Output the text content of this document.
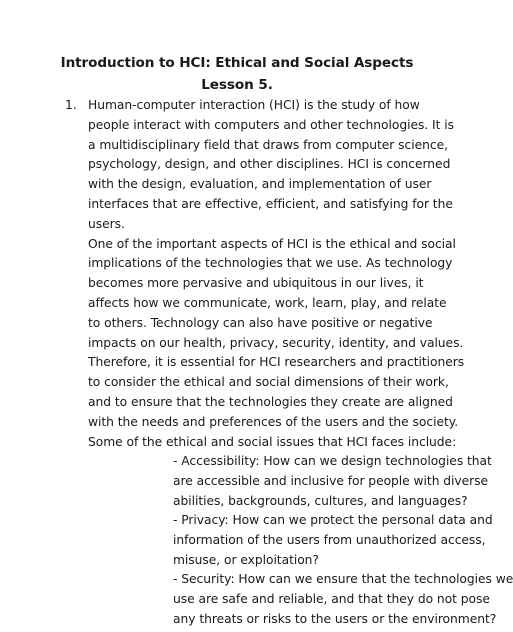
Introduction to HCI: Ethical and Social Aspects
Lesson 5.
1. Human-computer interaction (HCI) is the study of how
people interact with computers and other technologies. It is
a multidisciplinary field that draws from computer science,
psychology, design, and other disciplines. HCI is concerned
with the design, evaluation, and implementation of user
interfaces that are effective, efficient, and satisfying for the
users.
One of the important aspects of HCI is the ethical and social
implications of the technologies that we use. As technology
becomes more pervasive and ubiquitous in our lives, it
affects how we communicate, work, learn, play, and relate
to others. Technology can also have positive or negative
impacts on our health, privacy, security, identity, and values.
Therefore, it is essential for HCI researchers and practitioners
to consider the ethical and social dimensions of their work,
and to ensure that the technologies they create are aligned
with the needs and preferences of the users and the society.
Some of the ethical and social issues that HCI faces include:
- Accessibility: How can we design technologies that
are accessible and inclusive for people with diverse
abilities, backgrounds, cultures, and languages?
- Privacy: How can we protect the personal data and
information of the users from unauthorized access,
misuse, or exploitation?
- Security: How can we ensure that the technologies we
use are safe and reliable, and that they do not pose
any threats or risks to the users or the environment?
